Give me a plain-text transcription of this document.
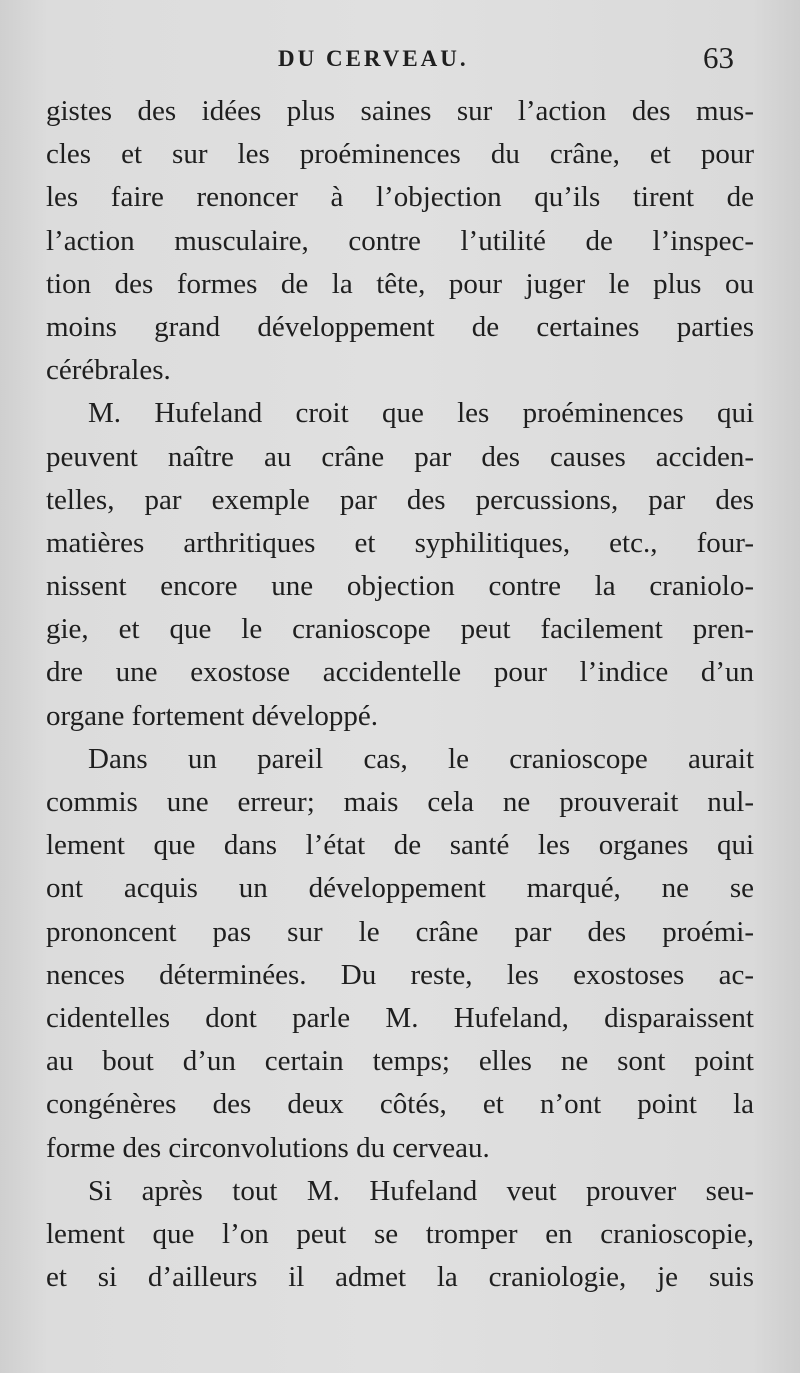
DU CERVEAU.	63
gistes des idées plus saines sur l’action des mus-
cles et sur les proéminences du crâne, et pour
les faire renoncer à l’objection qu’ils tirent de
l’action musculaire, contre l’utilité de l’inspec-
tion des formes de la tête, pour juger le plus ou
moins grand développement de certaines parties
cérébrales.
M. Hufeland croit que les proéminences qui
peuvent naître au crâne par des causes acciden-
telles, par exemple par des percussions, par des
matières arthritiques et syphilitiques, etc., four-
nissent encore une objection contre la craniolo-
gie, et que le cranioscope peut facilement pren-
dre une exostose accidentelle pour l’indice d’un
organe fortement développé.
Dans un pareil cas, le cranioscope aurait
commis une erreur; mais cela ne prouverait nul-
lement que dans l’état de santé les organes qui
ont acquis un développement marqué, ne se
prononcent pas sur le crâne par des proémi-
nences déterminées. Du reste, les exostoses ac-
cidentelles dont parle M. Hufeland, disparaissent
au bout d’un certain temps; elles ne sont point
congénères des deux côtés, et n’ont point la
forme des circonvolutions du cerveau.
Si après tout M. Hufeland veut prouver seu-
lement que l’on peut se tromper en cranioscopie,
et si d’ailleurs il admet la craniologie, je suis
